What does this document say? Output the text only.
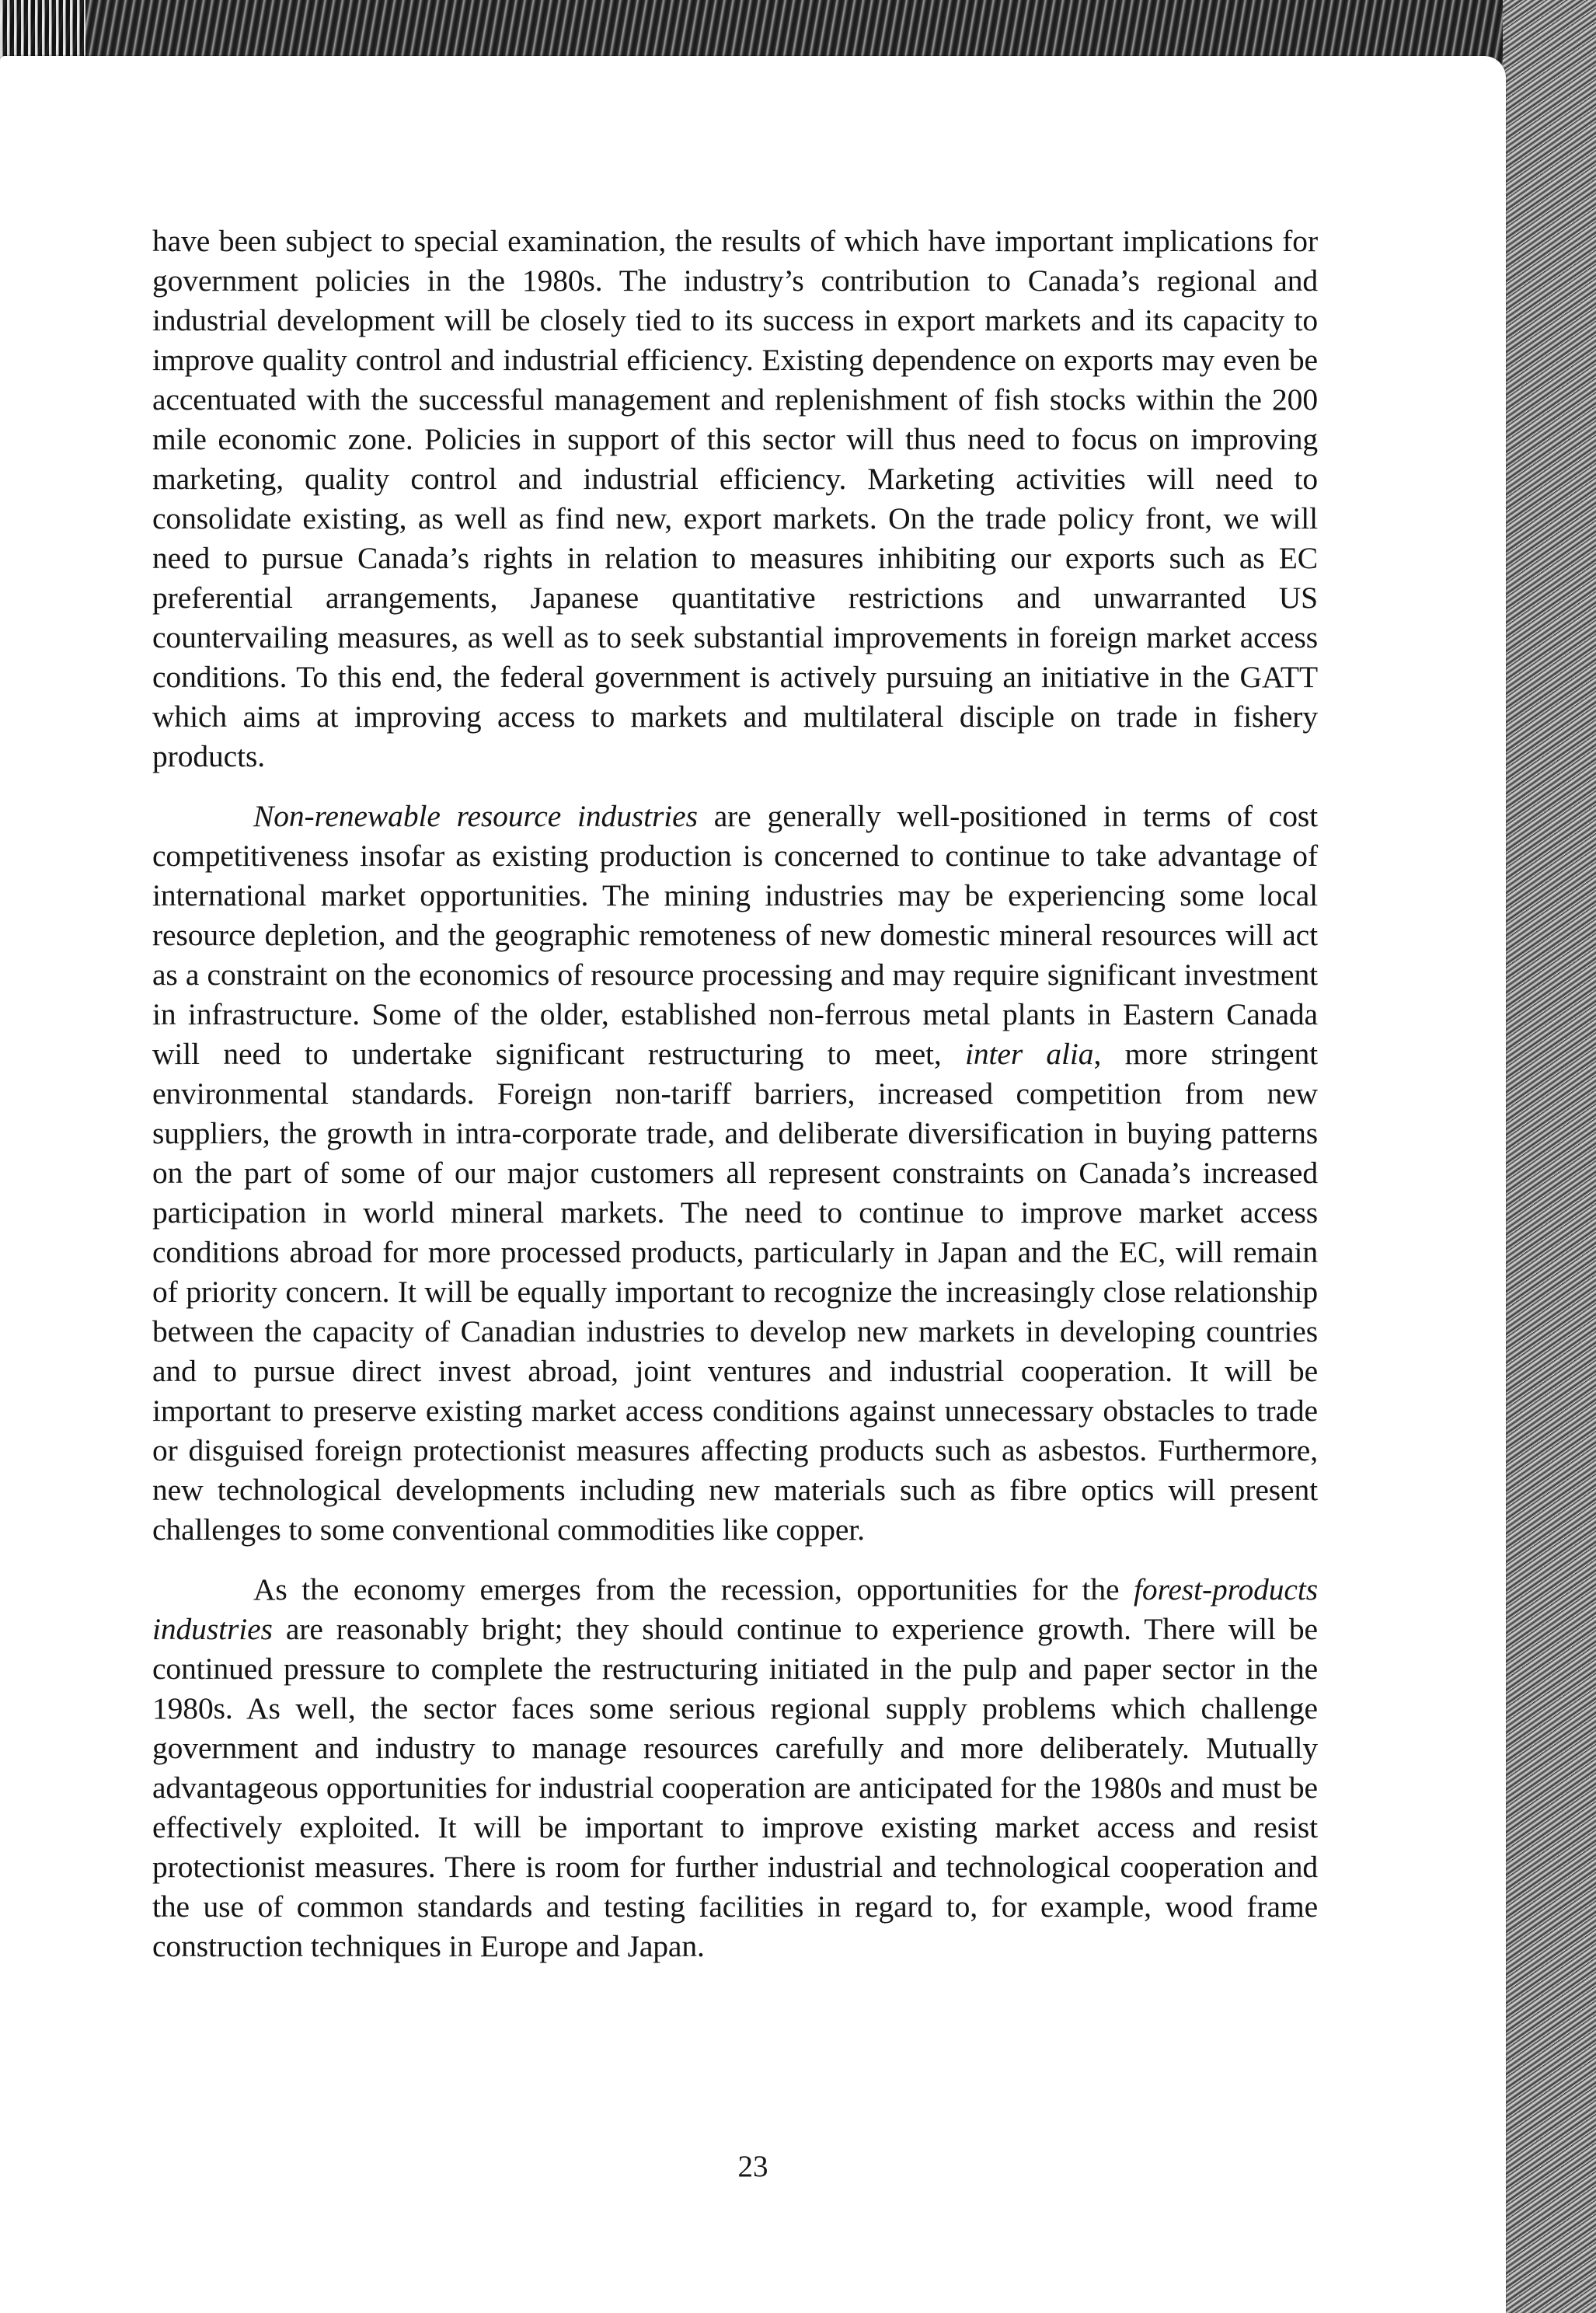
have been subject to special examination, the results of which have important implications for government policies in the 1980s. The industry’s contribution to Canada’s regional and industrial development will be closely tied to its success in export markets and its capacity to improve quality control and industrial efficiency. Existing dependence on exports may even be accentuated with the successful management and replenishment of fish stocks within the 200 mile economic zone. Policies in support of this sector will thus need to focus on improving marketing, quality control and industrial efficiency. Marketing activities will need to consolidate existing, as well as find new, export markets. On the trade policy front, we will need to pursue Canada’s rights in relation to measures inhibiting our exports such as EC preferential arrangements, Japanese quantitative restrictions and unwarranted US countervailing measures, as well as to seek substantial improvements in foreign market access conditions. To this end, the federal government is actively pursuing an initiative in the GATT which aims at improving access to markets and multilateral disciple on trade in fishery products.

Non-renewable resource industries are generally well-positioned in terms of cost competitiveness insofar as existing production is concerned to continue to take advantage of international market opportunities. The mining industries may be experiencing some local resource depletion, and the geographic remoteness of new domestic mineral resources will act as a constraint on the economics of resource processing and may require significant investment in infrastructure. Some of the older, established non-ferrous metal plants in Eastern Canada will need to undertake significant restructuring to meet, inter alia, more stringent environmental standards. Foreign non-tariff barriers, increased competition from new suppliers, the growth in intra-corporate trade, and deliberate diversification in buying patterns on the part of some of our major customers all represent constraints on Canada’s increased participation in world mineral markets. The need to continue to improve market access conditions abroad for more processed products, particularly in Japan and the EC, will remain of priority concern. It will be equally important to recognize the increasingly close relationship between the capacity of Canadian industries to develop new markets in developing countries and to pursue direct invest abroad, joint ventures and industrial cooperation. It will be important to preserve existing market access conditions against unnecessary obstacles to trade or disguised foreign protectionist measures affecting products such as asbestos. Furthermore, new technological developments including new materials such as fibre optics will present challenges to some conventional commodities like copper.

As the economy emerges from the recession, opportunities for the forest-products industries are reasonably bright; they should continue to experience growth. There will be continued pressure to complete the restructuring initiated in the pulp and paper sector in the 1980s. As well, the sector faces some serious regional supply problems which challenge government and industry to manage resources carefully and more deliberately. Mutually advantageous opportunities for industrial cooperation are anticipated for the 1980s and must be effectively exploited. It will be important to improve existing market access and resist protectionist measures. There is room for further industrial and technological cooperation and the use of common standards and testing facilities in regard to, for example, wood frame construction techniques in Europe and Japan.

23
